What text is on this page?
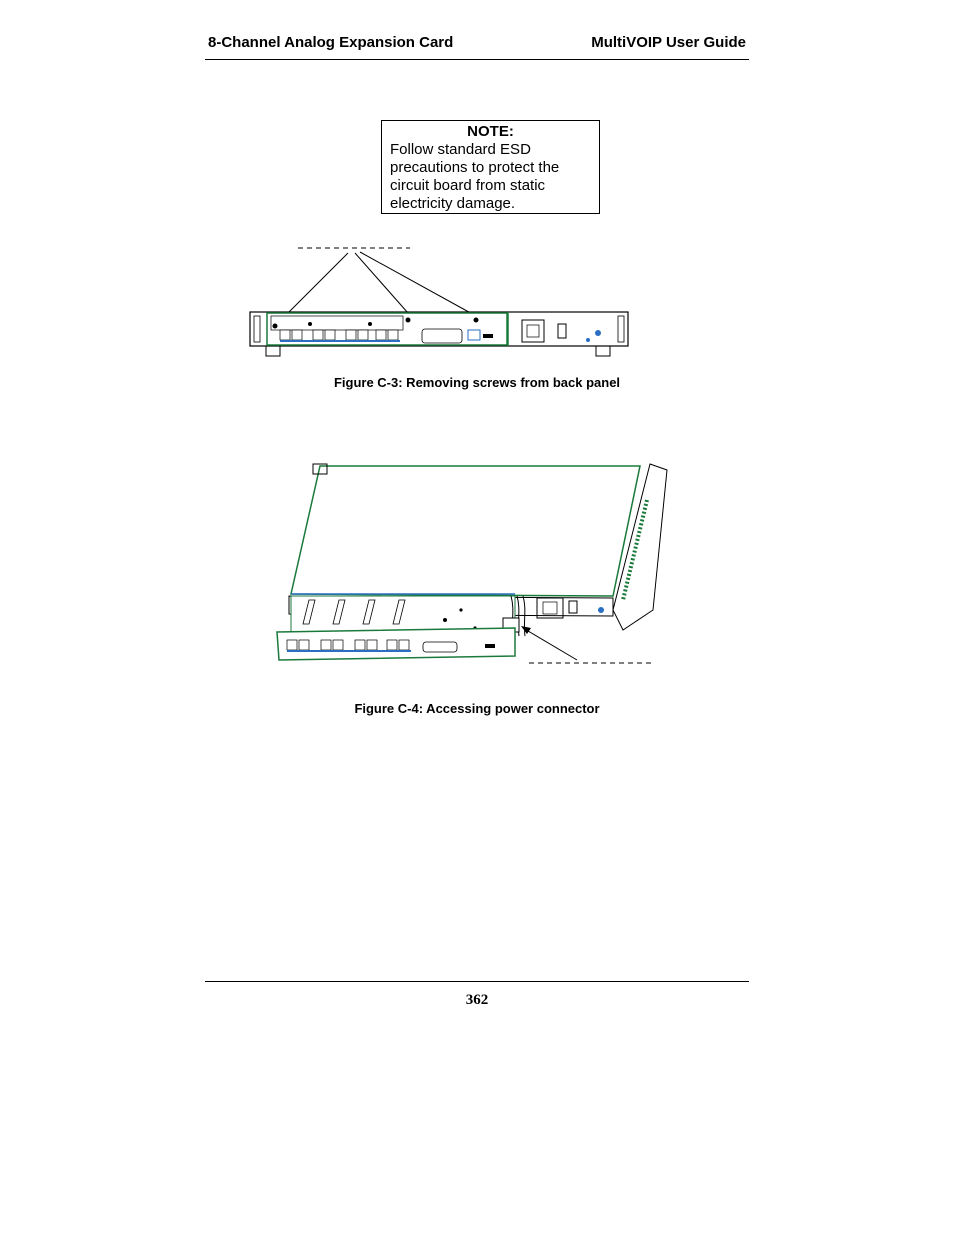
8-Channel Analog Expansion Card	MultiVOIP User Guide
NOTE:
Follow standard ESD
precautions to protect the
circuit board from static
electricity damage.
Figure C-3: Removing screws from back panel
Figure C-4: Accessing power connector
362
